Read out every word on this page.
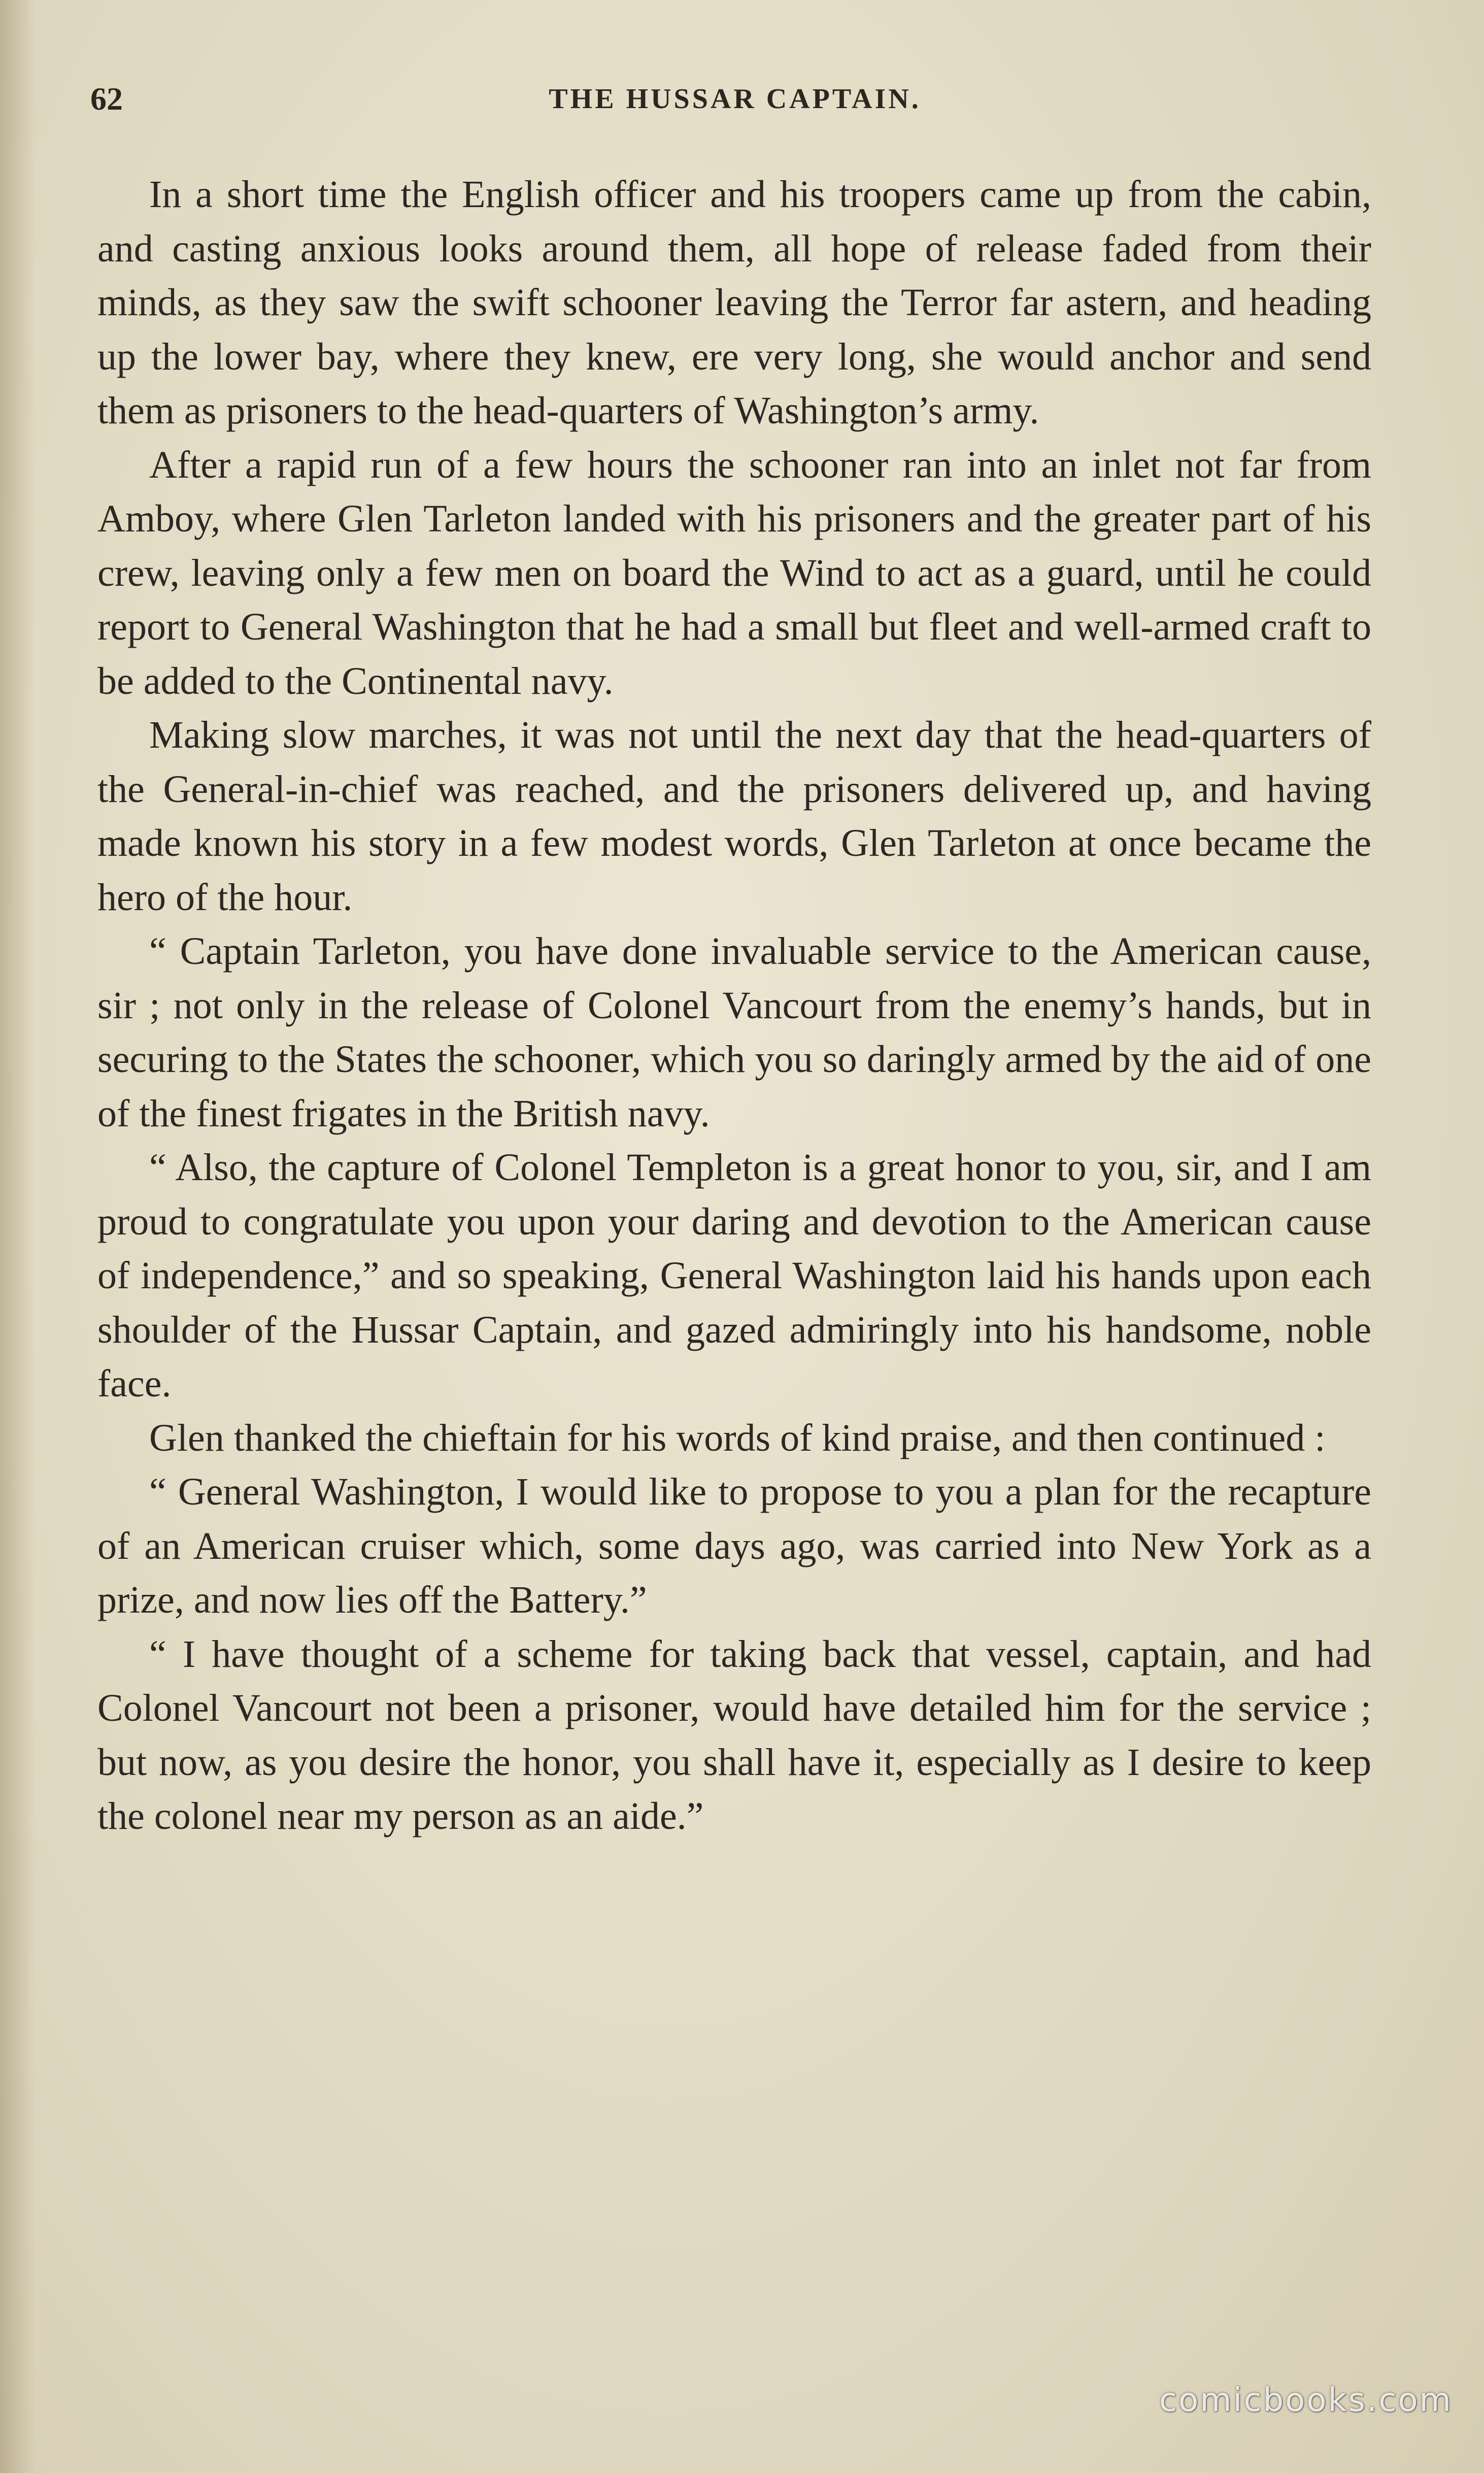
62	THE HUSSAR CAPTAIN.

In a short time the English officer and his troopers came up from the cabin, and casting anxious looks around them, all hope of release faded from their minds, as they saw the swift schooner leaving the Terror far astern, and heading up the lower bay, where they knew, ere very long, she would anchor and send them as prisoners to the head-quarters of Washington’s army.

After a rapid run of a few hours the schooner ran into an inlet not far from Amboy, where Glen Tarleton landed with his prisoners and the greater part of his crew, leaving only a few men on board the Wind to act as a guard, until he could report to General Washington that he had a small but fleet and well-armed craft to be added to the Continental navy.

Making slow marches, it was not until the next day that the head-quarters of the General-in-chief was reached, and the prisoners delivered up, and having made known his story in a few modest words, Glen Tarleton at once became the hero of the hour.

“ Captain Tarleton, you have done invaluable service to the American cause, sir ; not only in the release of Colonel Vancourt from the enemy’s hands, but in securing to the States the schooner, which you so daringly armed by the aid of one of the finest frigates in the British navy.

“ Also, the capture of Colonel Templeton is a great honor to you, sir, and I am proud to congratulate you upon your daring and devotion to the American cause of independence,” and so speaking, General Washington laid his hands upon each shoulder of the Hussar Captain, and gazed admiringly into his handsome, noble face.

Glen thanked the chieftain for his words of kind praise, and then continued :

“ General Washington, I would like to propose to you a plan for the recapture of an American cruiser which, some days ago, was carried into New York as a prize, and now lies off the Battery.”

“ I have thought of a scheme for taking back that vessel, captain, and had Colonel Vancourt not been a prisoner, would have detailed him for the service ; but now, as you desire the honor, you shall have it, especially as I desire to keep the colonel near my person as an aide.”

comicbooks.com
